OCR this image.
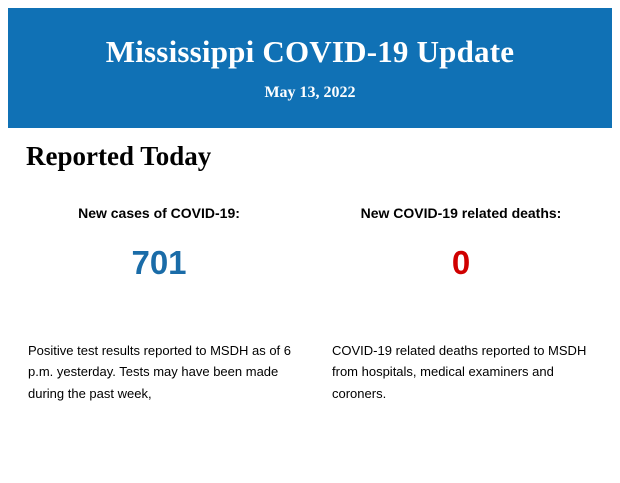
Mississippi COVID-19 Update
May 13, 2022
Reported Today
New cases of COVID-19:
701
New COVID-19 related deaths:
0

Positive test results reported to MSDH as of 6 p.m. yesterday. Tests may have been made during the past week,

COVID-19 related deaths reported to MSDH from hospitals, medical examiners and coroners.
